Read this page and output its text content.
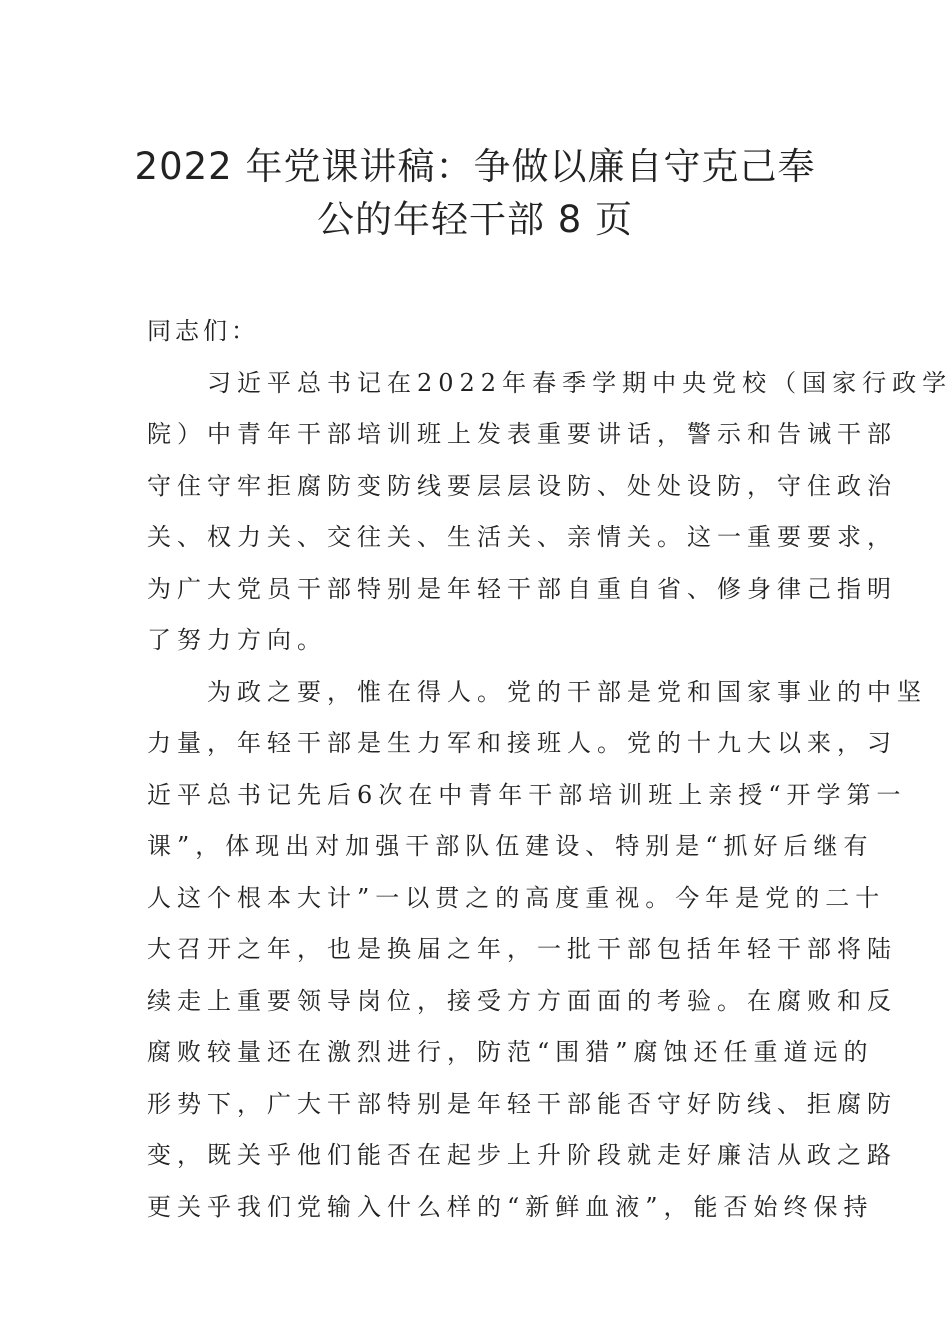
2022 年党课讲稿：争做以廉自守克己奉
公的年轻干部 8 页
同志们：
　　习近平总书记在2022年春季学期中央党校（国家行政学
院）中青年干部培训班上发表重要讲话，警示和告诫干部
守住守牢拒腐防变防线要层层设防、处处设防，守住政治
关、权力关、交往关、生活关、亲情关。这一重要要求，
为广大党员干部特别是年轻干部自重自省、修身律己指明
了努力方向。
　　为政之要，惟在得人。党的干部是党和国家事业的中坚
力量，年轻干部是生力军和接班人。党的十九大以来，习
近平总书记先后6次在中青年干部培训班上亲授“开学第一
课”，体现出对加强干部队伍建设、特别是“抓好后继有
人这个根本大计”一以贯之的高度重视。今年是党的二十
大召开之年，也是换届之年，一批干部包括年轻干部将陆
续走上重要领导岗位，接受方方面面的考验。在腐败和反
腐败较量还在激烈进行，防范“围猎”腐蚀还任重道远的
形势下，广大干部特别是年轻干部能否守好防线、拒腐防
变，既关乎他们能否在起步上升阶段就走好廉洁从政之路
更关乎我们党输入什么样的“新鲜血液”，能否始终保持
